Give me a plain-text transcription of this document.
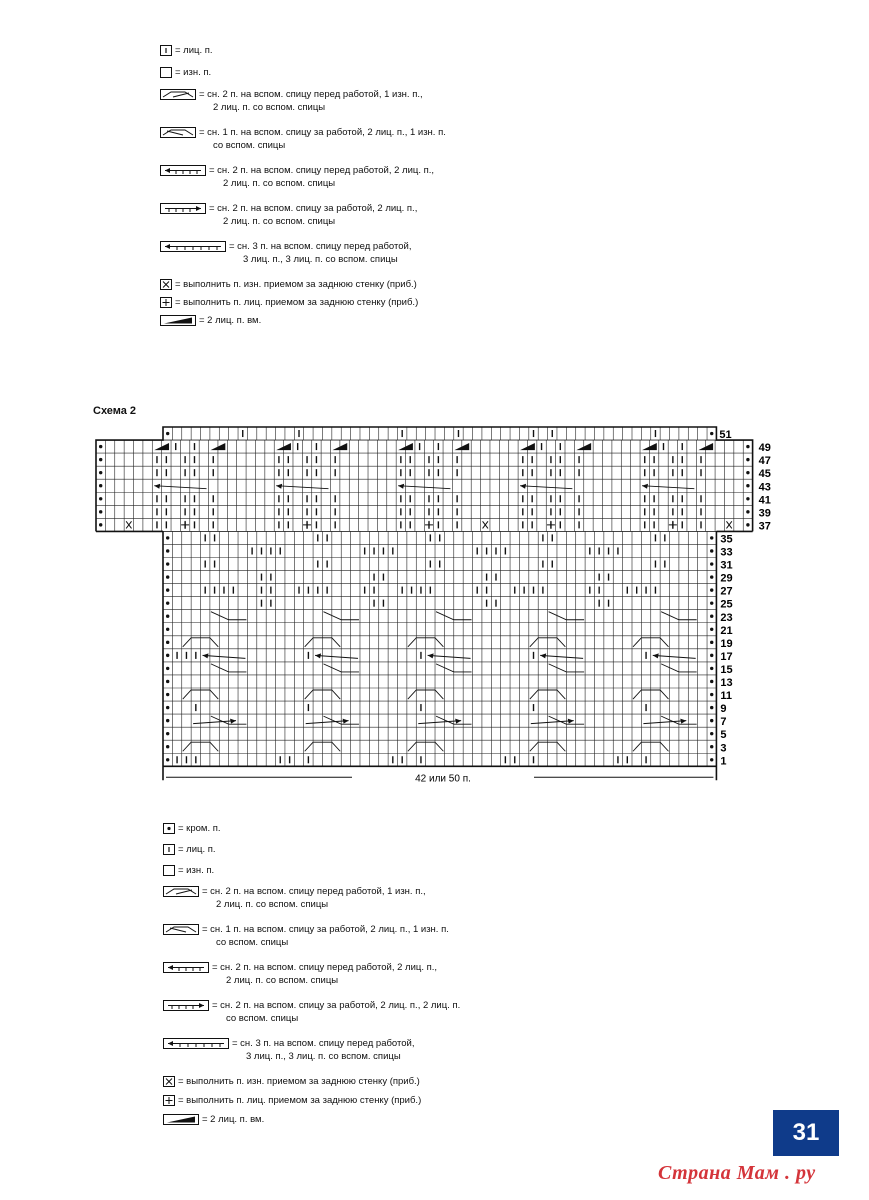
= лиц. п.
= изн. п.
= сн. 2 п. на вспом. спицу перед работой, 1 изн. п.,
2 лиц. п. со вспом. спицы
= сн. 1 п. на вспом. спицу за работой, 2 лиц. п., 1 изн. п.
со вспом. спицы
= сн. 2 п. на вспом. спицу перед работой, 2 лиц. п.,
2 лиц. п. со вспом. спицы
= сн. 2 п. на вспом. спицу за работой, 2 лиц. п.,
2 лиц. п. со вспом. спицы
= сн. 3 п. на вспом. спицу перед работой,
3 лиц. п., 3 лиц. п. со вспом. спицы
= выполнить п. изн. приемом за заднюю стенку (приб.)
= выполнить п. лиц. приемом за заднюю стенку (приб.)
= 2 лиц. п. вм.
Схема 2
51
49
47
45
43
41
39
37
35
33
31
29
27
25
23
21
19
17
15
13
11
9
7
5
3
1
42 или 50 п.
= кром. п.
= лиц. п.
= изн. п.
= сн. 2 п. на вспом. спицу перед работой, 1 изн. п.,
2 лиц. п. со вспом. спицы
= сн. 1 п. на вспом. спицу за работой, 2 лиц. п., 1 изн. п.
со вспом. спицы
= сн. 2 п. на вспом. спицу перед работой, 2 лиц. п.,
2 лиц. п. со вспом. спицы
= сн. 2 п. на вспом. спицу за работой, 2 лиц. п., 2 лиц. п.
со вспом. спицы
= сн. 3 п. на вспом. спицу перед работой,
3 лиц. п., 3 лиц. п. со вспом. спицы
= выполнить п. изн. приемом за заднюю стенку (приб.)
= выполнить п. лиц. приемом за заднюю стенку (приб.)
= 2 лиц. п. вм.	31
Страна Мам . ру
